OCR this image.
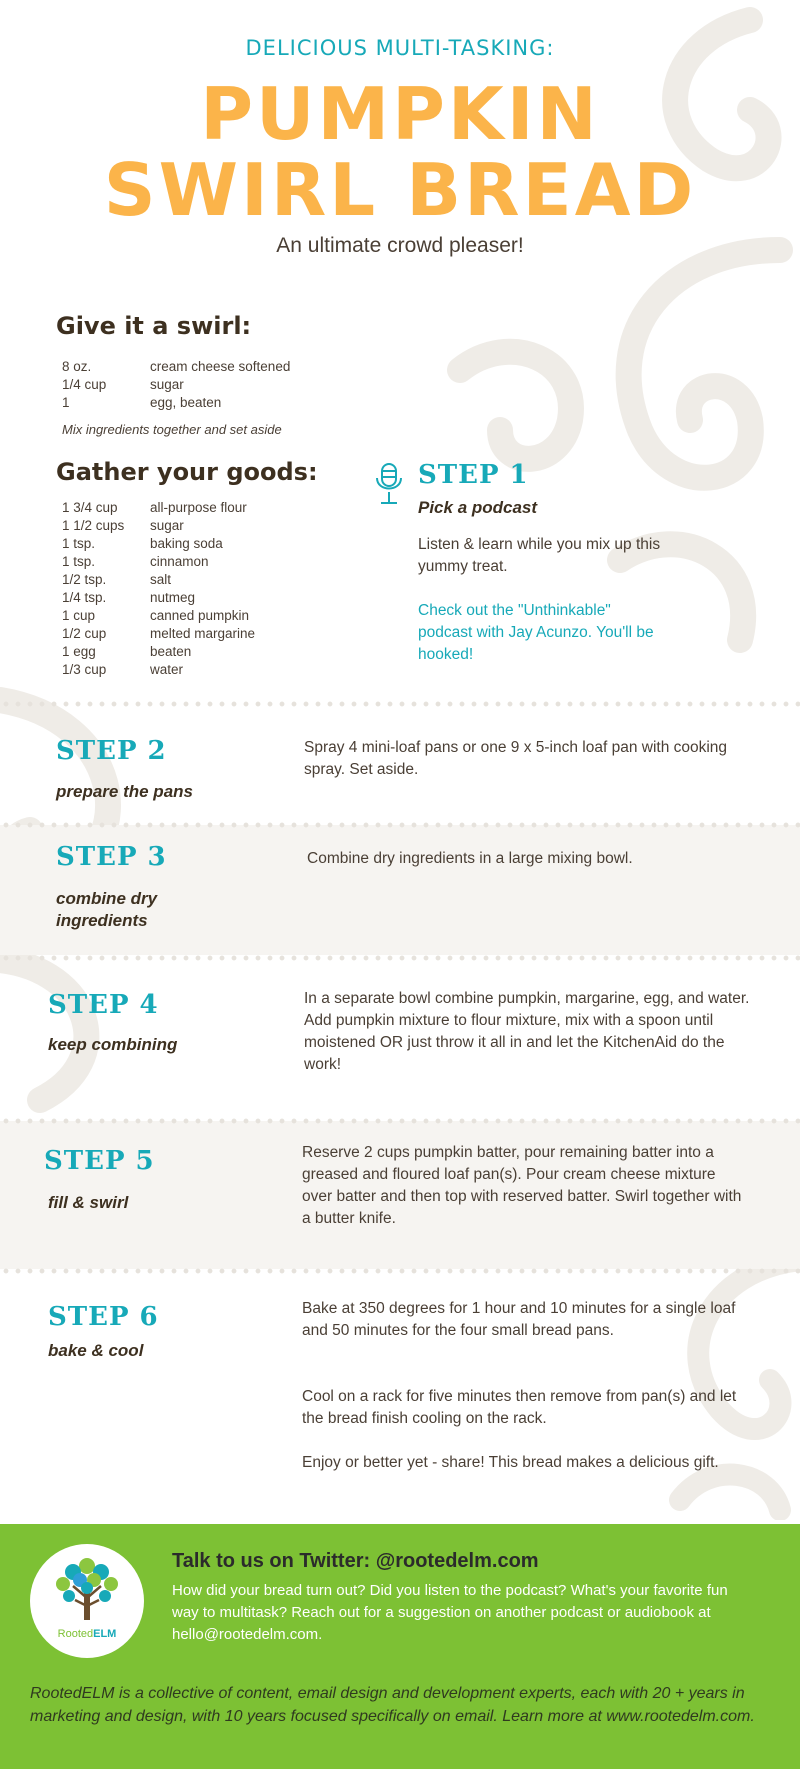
DELICIOUS MULTI-TASKING:
PUMPKIN
SWIRL BREAD
An ultimate crowd pleaser!
Give it a swirl:
8 oz.	cream cheese softened
1/4 cup	sugar
1	egg, beaten
Mix ingredients together and set aside
Gather your goods:
1 3/4 cup	all-purpose flour
1 1/2 cups	sugar
1 tsp.	baking soda
1 tsp.	cinnamon
1/2 tsp.	salt
1/4 tsp.	nutmeg
1 cup	canned pumpkin
1/2 cup	melted margarine
1 egg	beaten
1/3 cup	water
STEP 1
Pick a podcast
Listen & learn while you mix up this yummy treat.
Check out the "Unthinkable" podcast with Jay Acunzo. You'll be hooked!
STEP 2
prepare the pans
Spray 4 mini-loaf pans or one 9 x 5-inch loaf pan with cooking spray. Set aside.
STEP 3
combine dry ingredients
Combine dry ingredients in a large mixing bowl.
STEP 4
keep combining
In a separate bowl combine pumpkin, margarine, egg, and water. Add pumpkin mixture to flour mixture, mix with a spoon until moistened OR just throw it all in and let the KitchenAid do the work!
STEP 5
fill & swirl
Reserve 2 cups pumpkin batter, pour remaining batter into a greased and floured loaf pan(s). Pour cream cheese mixture over batter and then top with reserved batter. Swirl together with a butter knife.
STEP 6
bake & cool
Bake at 350 degrees for 1 hour and 10 minutes for a single loaf and 50 minutes for the four small bread pans.
Cool on a rack for five minutes then remove from pan(s) and let the bread finish cooling on the rack.
Enjoy or better yet - share! This bread makes a delicious gift.
RootedELM
Talk to us on Twitter: @rootedelm.com
How did your bread turn out? Did you listen to the podcast? What's your favorite fun way to multitask? Reach out for a suggestion on another podcast or audiobook at hello@rootedelm.com.
RootedELM is a collective of content, email design and development experts, each with 20 + years in marketing and design, with 10 years focused specifically on email. Learn more at www.rootedelm.com.
